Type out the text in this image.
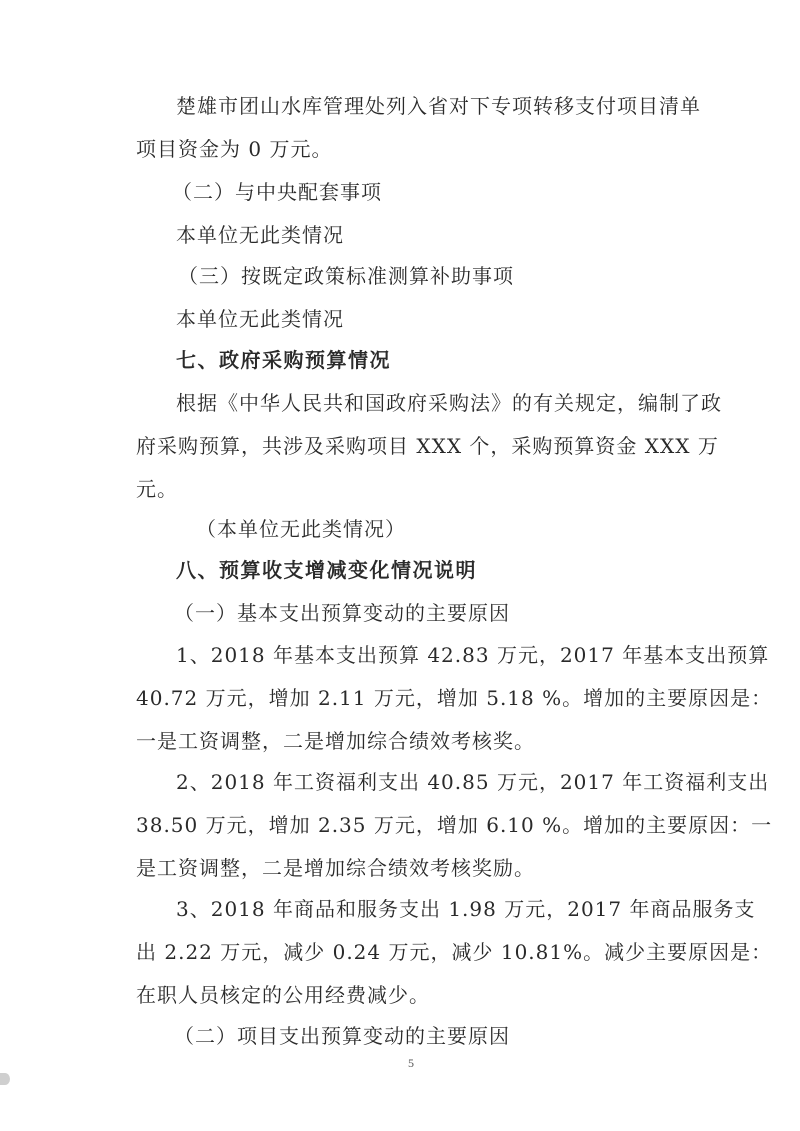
楚雄市团山水库管理处列入省对下专项转移支付项目清单
项目资金为 0 万元。
（二）与中央配套事项
本单位无此类情况
（三）按既定政策标准测算补助事项
本单位无此类情况
七、政府采购预算情况
根据《中华人民共和国政府采购法》的有关规定，编制了政
府采购预算，共涉及采购项目 XXX 个，采购预算资金 XXX 万
元。
（本单位无此类情况）
八、预算收支增减变化情况说明
（一）基本支出预算变动的主要原因
1、2018 年基本支出预算 42.83 万元，2017 年基本支出预算
40.72 万元，增加 2.11 万元，增加 5.18 %。增加的主要原因是：
一是工资调整，二是增加综合绩效考核奖。
2、2018 年工资福利支出 40.85 万元，2017 年工资福利支出
38.50 万元，增加 2.35 万元，增加 6.10 %。增加的主要原因：一
是工资调整，二是增加综合绩效考核奖励。
3、2018 年商品和服务支出 1.98 万元，2017 年商品服务支
出 2.22 万元，减少 0.24 万元，减少 10.81%。减少主要原因是：
在职人员核定的公用经费减少。
（二）项目支出预算变动的主要原因
5
